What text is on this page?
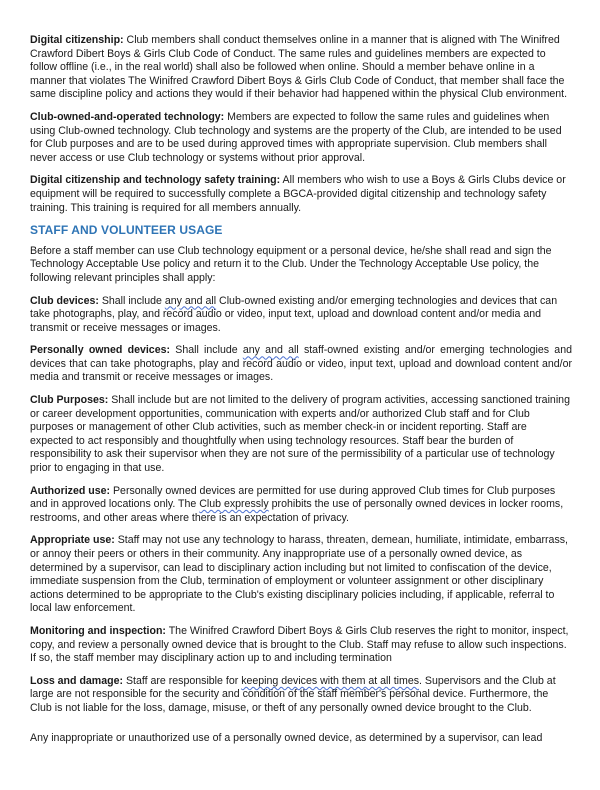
Digital citizenship: Club members shall conduct themselves online in a manner that is aligned with The Winifred Crawford Dibert Boys & Girls Club Code of Conduct. The same rules and guidelines members are expected to follow offline (i.e., in the real world) shall also be followed when online. Should a member behave online in a manner that violates The Winifred Crawford Dibert Boys & Girls Club Code of Conduct, that member shall face the same discipline policy and actions they would if their behavior had happened within the physical Club environment.

Club-owned-and-operated technology: Members are expected to follow the same rules and guidelines when using Club-owned technology. Club technology and systems are the property of the Club, are intended to be used for Club purposes and are to be used during approved times with appropriate supervision. Club members shall never access or use Club technology or systems without prior approval.

Digital citizenship and technology safety training: All members who wish to use a Boys & Girls Clubs device or equipment will be required to successfully complete a BGCA-provided digital citizenship and technology safety training. This training is required for all members annually.

STAFF AND VOLUNTEER USAGE

Before a staff member can use Club technology equipment or a personal device, he/she shall read and sign the Technology Acceptable Use policy and return it to the Club. Under the Technology Acceptable Use policy, the following relevant principles shall apply:

Club devices: Shall include any and all Club-owned existing and/or emerging technologies and devices that can take photographs, play, and record audio or video, input text, upload and download content and/or media and transmit or receive messages or images.

Personally owned devices: Shall include any and all staff-owned existing and/or emerging technologies and devices that can take photographs, play and record audio or video, input text, upload and download content and/or media and transmit or receive messages or images.

Club Purposes: Shall include but are not limited to the delivery of program activities, accessing sanctioned training or career development opportunities, communication with experts and/or authorized Club staff and for Club purposes or management of other Club activities, such as member check-in or incident reporting. Staff are expected to act responsibly and thoughtfully when using technology resources. Staff bear the burden of responsibility to ask their supervisor when they are not sure of the permissibility of a particular use of technology prior to engaging in that use.

Authorized use: Personally owned devices are permitted for use during approved Club times for Club purposes and in approved locations only. The Club expressly prohibits the use of personally owned devices in locker rooms, restrooms, and other areas where there is an expectation of privacy.

Appropriate use: Staff may not use any technology to harass, threaten, demean, humiliate, intimidate, embarrass, or annoy their peers or others in their community. Any inappropriate use of a personally owned device, as determined by a supervisor, can lead to disciplinary action including but not limited to confiscation of the device, immediate suspension from the Club, termination of employment or volunteer assignment or other disciplinary actions determined to be appropriate to the Club's existing disciplinary policies including, if applicable, referral to local law enforcement.

Monitoring and inspection: The Winifred Crawford Dibert Boys & Girls Club reserves the right to monitor, inspect, copy, and review a personally owned device that is brought to the Club. Staff may refuse to allow such inspections. If so, the staff member may disciplinary action up to and including termination

Loss and damage: Staff are responsible for keeping devices with them at all times. Supervisors and the Club at large are not responsible for the security and condition of the staff member's personal device. Furthermore, the Club is not liable for the loss, damage, misuse, or theft of any personally owned device brought to the Club.

Any inappropriate or unauthorized use of a personally owned device, as determined by a supervisor, can lead
